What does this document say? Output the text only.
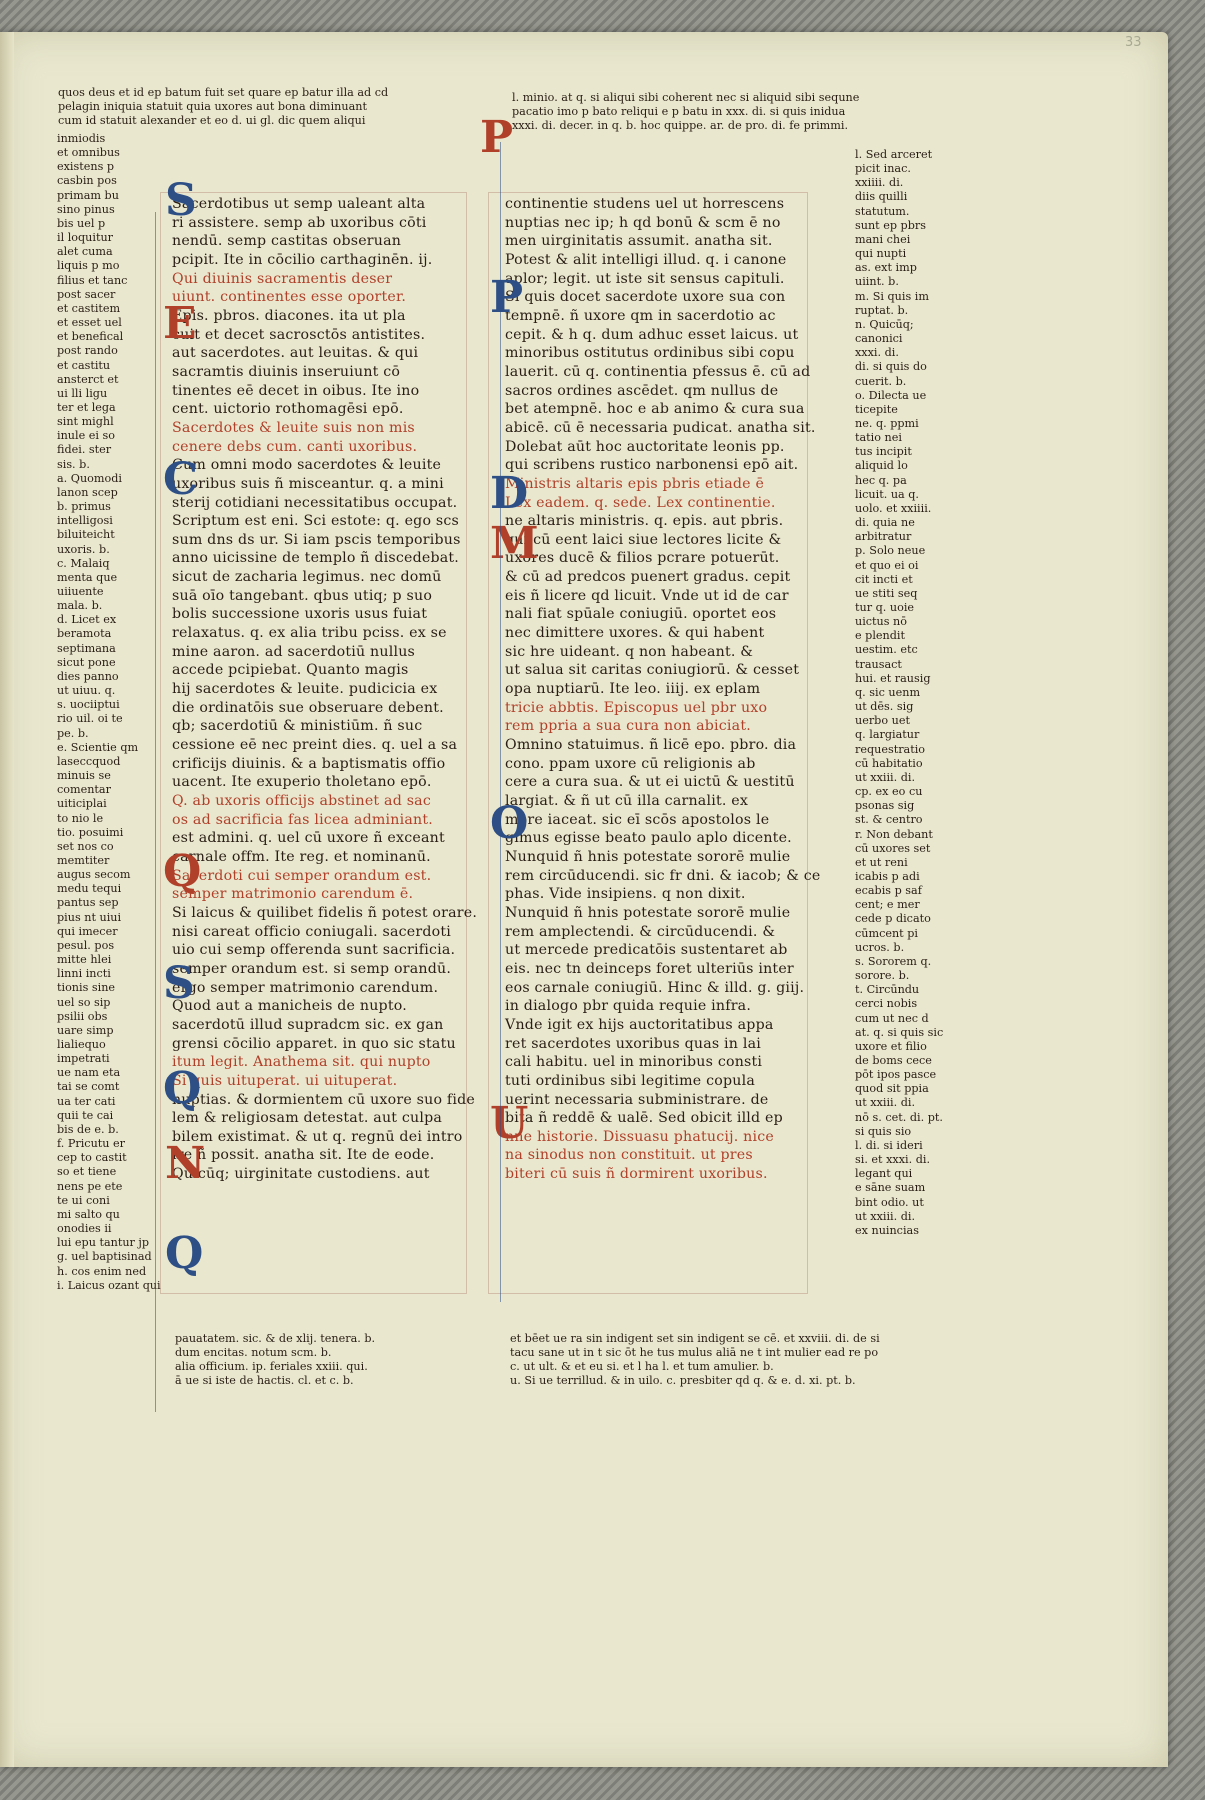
33
quos deus et id ep batum fuit set quare ep batur illa ad cd
pelagin iniquia statuit quia uxores aut bona diminuant
cum id statuit alexander et eo d. ui gl. dic quem aliqui
l. minio. at q. si aliqui sibi coherent nec si aliquid sibi sequne
pacatio imo p bato reliqui e p batu in xxx. di. si quis inidua
xxxi. di. decer. in q. b. hoc quippe. ar. de pro. di. fe primmi.
inmiodis
et omnibus
existens p
casbin pos
primam bu
sino pinus
bis uel p
il loquitur
alet cuma
liquis p mo
filius et tanc
post sacer
et castitem
et esset uel
et benefical
post rando
et castitu
ansterct et
ui lli ligu
ter et lega
sint mighl
inule ei so
fidei. ster
sis. b.
a. Quomodi
lanon scep
b. primus
intelligosi
biluiteicht
uxoris. b.
c. Malaiq
menta que
uiiuente
mala. b.
d. Licet ex
beramota
septimana
sicut pone
dies panno
ut uiuu. q.
s. uociiptui
rio uil. oi te
pe. b.
e. Scientie qm
laseccquod
minuis se
comentar
uiticiplai
to nio le
tio. posuimi
set nos co
memtiter
augus secom
medu tequi
pantus sep
pius nt uiui
qui imecer
pesul. pos
mitte hlei
linni incti
tionis sine
uel so sip
psilii obs
uare simp
lialiequo
impetrati
ue nam eta
tai se comt
ua ter cati
quii te cai
bis de e. b.
f. Pricutu er
cep to castit
so et tiene
nens pe ete
te ui coni
mi salto qu
onodies ii
lui epu tantur jp
g. uel baptisinad
h. cos enim ned
i. Laicus ozant qui
Sacerdotibus ut semp ualeant alta
ri assistere. semp ab uxoribus cōti
nendū. semp castitas obseruan
pcipit. Ite in cōcilio carthaginēn. ij.
Qui diuinis sacramentis deser
uiunt. continentes esse oporter.
Epis. pbros. diacones. ita ut pla
cuit et decet sacrosctōs antistites.
aut sacerdotes. aut leuitas. & qui
sacramtis diuinis inseruiunt cō
tinentes eē decet in oibus. Ite ino
cent. uictorio rothomagēsi epō.
Sacerdotes & leuite suis non mis
cenere debs cum. canti uxoribus.
Cum omni modo sacerdotes & leuite
uxoribus suis ñ misceantur. q. a mini
sterij cotidiani necessitatibus occupat.
Scriptum est eni. Sci estote: q. ego scs
sum dns ds ur. Si iam pscis temporibus
anno uicissine de templo ñ discedebat.
sicut de zacharia legimus. nec domū
suā oīo tangebant. qbus utiq; p suo
bolis successione uxoris usus fuiat
relaxatus. q. ex alia tribu pciss. ex se
mine aaron. ad sacerdotiū nullus
accede pcipiebat. Quanto magis
hij sacerdotes & leuite. pudicicia ex
die ordinatōis sue obseruare debent.
qb; sacerdotiū & ministiūm. ñ suc
cessione eē nec preint dies. q. uel a sa
crificijs diuinis. & a baptismatis offio
uacent. Ite exuperio tholetano epō.
Q. ab uxoris officijs abstinet ad sac
os ad sacrificia fas licea adminiant.
est admini. q. uel cū uxore ñ exceant
carnale offm. Ite reg. et nominanū.
Sacerdoti cui semper orandum est.
semper matrimonio carendum ē.
Si laicus & quilibet fidelis ñ potest orare.
nisi careat officio coniugali. sacerdoti
uio cui semp offerenda sunt sacrificia.
semper orandum est. si semp orandū.
ergo semper matrimonio carendum.
Quod aut a manicheis de nupto.
sacerdotū illud supradcm sic. ex gan
grensi cōcilio apparet. in quo sic statu
itum legit. Anathema sit. qui nupto
Si quis uituperat. ui uituperat.
nuptias. & dormientem cū uxore suo fide
lem & religiosam detestat. aut culpa
bilem existimat. & ut q. regnū dei intro
ire ñ possit. anatha sit. Ite de eode.
Quicūq; uirginitate custodiens. aut
continentie studens uel ut horrescens
nuptias nec ip; h qd bonū & scm ē no
men uirginitatis assumit. anatha sit.
Potest & alit intelligi illud. q. i canone
aplor; legit. ut iste sit sensus capituli.
Si quis docet sacerdote uxore sua con
tempnē. ñ uxore qm in sacerdotio ac
cepit. & h q. dum adhuc esset laicus. ut
minoribus ostitutus ordinibus sibi copu
lauerit. cū q. continentia pfessus ē. cū ad
sacros ordines ascēdet. qm nullus de
bet atempnē. hoc e ab animo & cura sua
abicē. cū ē necessaria pudicat. anatha sit.
Dolebat aūt hoc auctoritate leonis pp.
qui scribens rustico narbonensi epō ait.
Ministris altaris epis pbris etiade ē
Lex eadem. q. sede. Lex continentie.
ne altaris ministris. q. epis. aut pbris.
qui cū eent laici siue lectores licite &
uxores ducē & filios pcrare potuerūt.
& cū ad predcos puenert gradus. cepit
eis ñ licere qd licuit. Vnde ut id de car
nali fiat spūale coniugiū. oportet eos
nec dimittere uxores. & qui habent
sic hre uideant. q non habeant. &
ut salua sit caritas coniugiorū. & cesset
opa nuptiarū. Ite leo. iiij. ex eplam
tricie abbtis. Episcopus uel pbr uxo
rem ppria a sua cura non abiciat.
Omnino statuimus. ñ licē epo. pbro. dia
cono. ppam uxore cū religionis ab
cere a cura sua. & ut ei uictū & uestitū
largiat. & ñ ut cū illa carnalit. ex
more iaceat. sic eī scōs apostolos le
gimus egisse beato paulo aplo dicente.
Nunquid ñ hnis potestate sororē mulie
rem circūducendi. sic fr dni. & iacob; & ce
phas. Vide insipiens. q non dixit.
Nunquid ñ hnis potestate sororē mulie
rem amplectendi. & circūducendi. &
ut mercede predicatōis sustentaret ab
eis. nec tn deinceps foret ulteriūs inter
eos carnale coniugiū. Hinc & illd. g. giij.
in dialogo pbr quida requie infra.
Vnde igit ex hijs auctoritatibus appa
ret sacerdotes uxoribus quas in lai
cali habitu. uel in minoribus consti
tuti ordinibus sibi legitime copula
uerint necessaria subministrare. de
bita ñ reddē & ualē. Sed obicit illd ep
nne historie. Dissuasu phatucij. nice
na sinodus non constituit. ut pres
biteri cū suis ñ dormirent uxoribus.
l. Sed arceret
picit inac.
xxiiii. di.
diis quilli
statutum.
sunt ep pbrs
mani chei
qui nupti
as. ext imp
uiint. b.
m. Si quis im
ruptat. b.
n. Quicūq;
canonici
xxxi. di.
di. si quis do
cuerit. b.
o. Dilecta ue
ticepite
ne. q. ppmi
tatio nei
tus incipit
aliquid lo
hec q. pa
licuit. ua q.
uolo. et xxiiii.
di. quia ne
arbitratur
p. Solo neue
et quo ei oi
cit incti et
ue stiti seq
tur q. uoie
uictus nō
e plendit
uestim. etc
trausact
hui. et rausig
q. sic uenm
ut dēs. sig
uerbo uet
q. largiatur
requestratio
cū habitatio
ut xxiii. di.
cp. ex eo cu
psonas sig
st. & centro
r. Non debant
cū uxores set
et ut reni
icabis p adi
ecabis p saf
cent; e mer
cede p dicato
cūmcent pi
ucros. b.
s. Sororem q.
sorore. b.
t. Circūndu
cerci nobis
cum ut nec d
at. q. si quis sic
uxore et filio
de boms cece
pōt ipos pasce
quod sit ppia
ut xxiii. di.
nō s. cet. di. pt.
si quis sio
l. di. si ideri
si. et xxxi. di.
legant qui
e sāne suam
bint odio. ut
ut xxiii. di.
ex nuincias
pauatatem. sic. & de xlij. tenera. b.
dum encitas. notum scm. b.
alia officium. ip. feriales xxiii. qui.
ā ue si iste de hactis. cl. et c. b.
et bēet ue ra sin indigent set sin indigent se cē. et xxviii. di. de si
tacu sane ut in t sic ōt he tus mulus aliā ne t int mulier ead re po
c. ut ult. & et eu si. et l ha l. et tum amulier. b.
u. Si ue terrillud. & in uilo. c. presbiter qd q. & e. d. xi. pt. b.
S
E
C
Q
S
Q
N
Q
P
P
D
M
O
U
